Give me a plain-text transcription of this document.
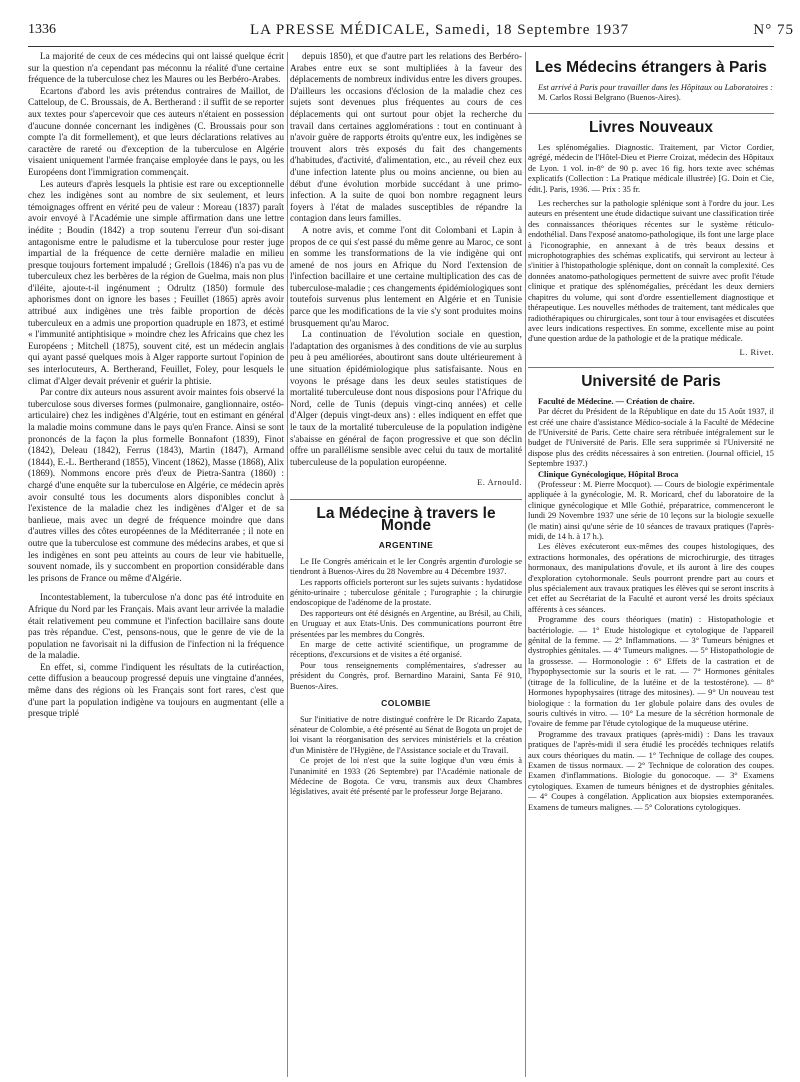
1336	LA PRESSE MÉDICALE, Samedi, 18 Septembre 1937	N° 75

La majorité de ceux de ces médecins qui ont laissé quelque écrit sur la question n'a cependant pas méconnu la réalité d'une certaine fréquence de la tuberculose chez les Maures ou les Berbéro-Arabes.

Ecartons d'abord les avis prétendus contraires de Maillot, de Catteloup, de C. Broussais, de A. Bertherand : il suffit de se reporter aux textes pour s'apercevoir que ces auteurs n'étaient en possession d'aucune donnée concernant les indigènes (C. Broussais pour son compte l'a dit formellement), et que leurs déclarations relatives au caractère de rareté ou d'exception de la tuberculose en Algérie visaient uniquement l'armée française employée dans le pays, ou les Européens dont l'immigration commençait.

Les auteurs d'après lesquels la phtisie est rare ou exceptionnelle chez les indigènes sont au nombre de six seulement, et leurs témoignages offrent en vérité peu de valeur : Moreau (1837) paraît avoir envoyé à l'Académie une simple affirmation dans une lettre inédite ; Boudin (1842) a trop soutenu l'erreur d'un soi-disant antagonisme entre le paludisme et la tuberculose pour rester juge impartial de la fréquence de cette dernière maladie en milieu presque toujours fortement impaludé ; Grellois (1846) n'a pas vu de tuberculeux chez les berbères de la région de Guelma, mais non plus d'iléite, ajoute-t-il ingénument ; Odrultz (1850) formule des aphorismes dont on ignore les bases ; Feuillet (1865) après avoir attribué aux indigènes une très faible proportion de décès tuberculeux en a admis une proportion quadruple en 1873, et estimé « l'immunité antiphtisique » moindre chez les Africains que chez les Européens ; Mitchell (1875), souvent cité, est un médecin anglais qui ayant passé quelques mois à Alger rapporte surtout l'opinion de ses interlocuteurs, A. Bertherand, Feuillet, Foley, pour lesquels le climat d'Alger devait prévenir et guérir la phtisie.

Par contre dix auteurs nous assurent avoir maintes fois observé la tuberculose sous diverses formes (pulmonaire, ganglionnaire, ostéo-articulaire) chez les indigènes d'Algérie, tout en estimant en général la maladie moins commune dans le pays qu'en France. Ainsi se sont prononcés de la façon la plus formelle Bonnafont (1839), Finot (1842), Deleau (1842), Ferrus (1843), Martin (1847), Armand (1844), E.-L. Bertherand (1855), Vincent (1862), Masse (1868), Alix (1869). Nommons encore près d'eux de Pietra-Santra (1860) : chargé d'une enquête sur la tuberculose en Algérie, ce médecin après avoir consulté tous les documents alors disponibles conclut à l'existence de la maladie chez les indigènes d'Alger et de sa banlieue, mais avec un degré de fréquence moindre que dans d'autres villes des côtes européennes de la Méditerranée ; il note en outre que la tuberculose est commune des médecins arabes, et que si les indigènes en sont peu atteints au cours de leur vie habituelle, souvent nomade, ils y succombent en proportion considérable dans les prisons de France ou même d'Algérie.

Incontestablement, la tuberculose n'a donc pas été introduite en Afrique du Nord par les Français. Mais avant leur arrivée la maladie était relativement peu commune et l'infection bacillaire sans doute pas très répandue. C'est, pensons-nous, que le genre de vie de la population ne favorisait ni la diffusion de l'infection ni la fréquence de la maladie.

En effet, si, comme l'indiquent les résultats de la cutiréaction, cette diffusion a beaucoup progressé depuis une vingtaine d'années, même dans des régions où les Français sont fort rares, c'est que d'une part la population indigène va toujours en augmentant (elle a presque triplé

depuis 1850), et que d'autre part les relations des Berbéro-Arabes entre eux se sont multipliées à la faveur des déplacements de nombreux individus entre les divers groupes. D'ailleurs les occasions d'éclosion de la maladie chez ces sujets sont devenues plus fréquentes au cours de ces déplacements qui ont surtout pour objet la recherche du travail dans certaines agglomérations : tout en continuant à n'avoir guère de rapports étroits qu'entre eux, les indigènes se trouvent alors très exposés du fait des changements d'habitudes, d'activité, d'alimentation, etc., au réveil chez eux d'une infection latente plus ou moins ancienne, ou bien au début d'une évolution morbide succédant à une primo-infection. A la suite de quoi bon nombre regagnent leurs foyers à l'état de malades susceptibles de répandre la contagion dans leurs familles.

A notre avis, et comme l'ont dit Colombani et Lapin à propos de ce qui s'est passé du même genre au Maroc, ce sont en somme les transformations de la vie indigène qui ont amené de nos jours en Afrique du Nord l'extension de l'infection bacillaire et une certaine multiplication des cas de tuberculose-maladie ; ces changements épidémiologiques sont toutefois survenus plus lentement en Algérie et en Tunisie parce que les modifications de la vie s'y sont produites moins brusquement qu'au Maroc.

La continuation de l'évolution sociale en question, l'adaptation des organismes à des conditions de vie au surplus peu à peu améliorées, aboutiront sans doute ultérieurement à une situation épidémiologique plus satisfaisante. Nous en voyons le présage dans les deux seules statistiques de mortalité tuberculeuse dont nous disposions pour l'Afrique du Nord, celle de Tunis (depuis vingt-cinq années) et celle d'Alger (depuis vingt-deux ans) : elles indiquent en effet que le taux de la mortalité tuberculeuse de la population indigène s'abaisse en général de façon progressive et que son déclin offre un parallélisme sensible avec celui du taux de mortalité tuberculeuse de la population européenne.

E. Arnould.
La Médecine à travers le Monde
ARGENTINE

Le IIe Congrès américain et le Ier Congrès argentin d'urologie se tiendront à Buenos-Aires du 28 Novembre au 4 Décembre 1937.

Les rapports officiels porteront sur les sujets suivants : hydatidose génito-urinaire ; tuberculose génitale ; l'urographie ; la chirurgie endoscopique de l'adénome de la prostate.

Des rapporteurs ont été désignés en Argentine, au Brésil, au Chili, en Uruguay et aux Etats-Unis. Des communications pourront être présentées par les membres du Congrès.

En marge de cette activité scientifique, un programme de réceptions, d'excursions et de visites a été organisé.

Pour tous renseignements complémentaires, s'adresser au président du Congrès, prof. Bernardino Maraini, Santa Fé 910, Buenos-Aires.

COLOMBIE

Sur l'initiative de notre distingué confrère le Dr Ricardo Zapata, sénateur de Colombie, a été présenté au Sénat de Bogota un projet de loi visant la réorganisation des services ministériels et la création d'un Ministère de l'Hygiène, de l'Assistance sociale et du Travail.

Ce projet de loi n'est que la suite logique d'un vœu émis à l'unanimité en 1933 (26 Septembre) par l'Académie nationale de Médecine de Bogota. Ce vœu, transmis aux deux Chambres législatives, avait été présenté par le professeur Jorge Bejarano.

Les Médecins étrangers à Paris

Est arrivé à Paris pour travailler dans les Hôpitaux ou Laboratoires :

M. Carlos Rossi Belgrano (Buenos-Aires).

Livres Nouveaux

Les splénomégalies. Diagnostic. Traitement, par Victor Cordier, agrégé, médecin de l'Hôtel-Dieu et Pierre Croizat, médecin des Hôpitaux de Lyon. 1 vol. in-8° de 90 p. avec 16 fig. hors texte avec schémas explicatifs (Collection : La Pratique médicale illustrée) [G. Doin et Cie, édit.]. Paris, 1936. — Prix : 35 fr.

Les recherches sur la pathologie splénique sont à l'ordre du jour. Les auteurs en présentent une étude didactique suivant une classification tirée des connaissances théoriques récentes sur le système réticulo-endothélial. Dans l'exposé anatomo-pathologique, ils font une large place à l'iconographie, en annexant à de très beaux dessins et microphotographies des schémas explicatifs, qui serviront au lecteur à s'initier à l'histopathologie splénique, dont on connaît la complexité. Ces données anatomo-pathologiques permettent de suivre avec profit l'étude clinique et pratique des splénomégalies, précédant les deux derniers chapitres du volume, qui sont d'ordre essentiellement diagnostique et thérapeutique. Les nouvelles méthodes de traitement, tant médicales que radiothérapiques ou chirurgicales, sont tour à tour envisagées et discutées avec leurs indications respectives. En somme, excellente mise au point d'une question ardue de la pathologie et de la pratique médicale.

L. Rivet.
Université de Paris

Faculté de Médecine. — Création de chaire.

Par décret du Président de la République en date du 15 Août 1937, il est créé une chaire d'assistance Médico-sociale à la Faculté de Médecine de l'Université de Paris. Cette chaire sera rétribuée intégralement sur le budget de l'Université de Paris. Elle sera supprimée si l'Université ne dispose plus des crédits nécessaires à son entretien. (Journal officiel, 15 Septembre 1937.)

Clinique Gynécologique, Hôpital Broca

(Professeur : M. Pierre Mocquot). — Cours de biologie expérimentale appliquée à la gynécologie, M. R. Moricard, chef du laboratoire de la clinique gynécologique et Mlle Gothié, préparatrice, commenceront le lundi 29 Novembre 1937 une série de 10 leçons sur la biologie sexuelle (le matin) ainsi qu'une série de 10 séances de travaux pratiques (l'après-midi, de 14 h. à 17 h.).

Les élèves exécuteront eux-mêmes des coupes histologiques, des extractions hormonales, des opérations de microchirurgie, des titrages hormonaux, des manipulations d'ovule, et ils auront à lire des coupes d'exploration cytohormonale. Seuls pourront prendre part au cours et plus spécialement aux travaux pratiques les élèves qui se seront inscrits à cet effet au Secrétariat de la Faculté et auront versé les droits spéciaux afférents à ces séances.

Programme des cours théoriques (matin) : Histopathologie et bactériologie. — 1° Etude histologique et cytologique de l'appareil génital de la femme. — 2° Inflammations. — 3° Tumeurs bénignes et dystrophies génitales. — 4° Tumeurs malignes. — 5° Histopathologie de la grossesse. — Hormonologie : 6° Effets de la castration et de l'hypophysectomie sur la souris et le rat. — 7° Hormones génitales (titrage de la folliculine, de la lutéine et de la testostérone). — 8° Hormones hypophysaires (titrage des mitosines). — 9° Un nouveau test biologique : la formation du 1er globule polaire dans des ovules de souris cultivés in vitro. — 10° La mesure de la sécrétion hormonale de l'ovaire de femme par l'étude cytologique de la muqueuse utérine.

Programme des travaux pratiques (après-midi) : Dans les travaux pratiques de l'après-midi il sera étudié les procédés techniques relatifs aux cours théoriques du matin. — 1° Technique de collage des coupes. Examen de tissus normaux. — 2° Technique de coloration des coupes. Examen d'inflammations. Biologie du gonocoque. — 3° Examens cytologiques. Examen de tumeurs bénignes et de dystrophies génitales. — 4° Coupes à congélation. Application aux biopsies extemporanées. Examens de tumeurs malignes. — 5° Colorations cytologiques.
